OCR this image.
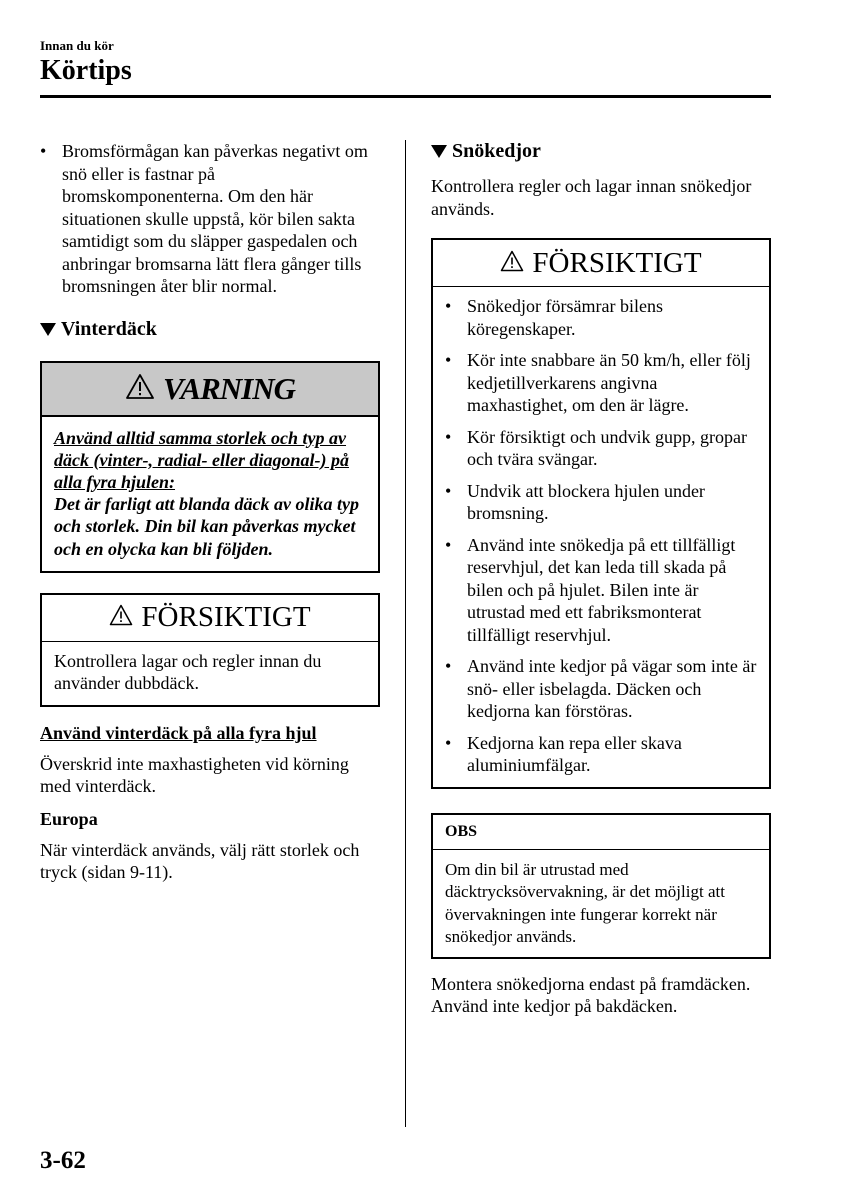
Innan du kör
Körtips
• Bromsförmågan kan påverkas negativt om snö eller is fastnar på bromskomponenterna. Om den här situationen skulle uppstå, kör bilen sakta samtidigt som du släpper gaspedalen och anbringar bromsarna lätt flera gånger tills bromsningen åter blir normal.
Vinterdäck
VARNING
Använd alltid samma storlek och typ av däck (vinter-, radial- eller diagonal-) på alla fyra hjulen:
Det är farligt att blanda däck av olika typ och storlek. Din bil kan påverkas mycket och en olycka kan bli följden.
FÖRSIKTIGT
Kontrollera lagar och regler innan du använder dubbdäck.
Använd vinterdäck på alla fyra hjul
Överskrid inte maxhastigheten vid körning med vinterdäck.
Europa
När vinterdäck används, välj rätt storlek och tryck (sidan 9-11).
Snökedjor
Kontrollera regler och lagar innan snökedjor används.
FÖRSIKTIGT
• Snökedjor försämrar bilens köregenskaper.
• Kör inte snabbare än 50 km/h, eller följ kedjetillverkarens angivna maxhastighet, om den är lägre.
• Kör försiktigt och undvik gupp, gropar och tvära svängar.
• Undvik att blockera hjulen under bromsning.
• Använd inte snökedja på ett tillfälligt reservhjul, det kan leda till skada på bilen och på hjulet. Bilen inte är utrustad med ett fabriksmonterat tillfälligt reservhjul.
• Använd inte kedjor på vägar som inte är snö- eller isbelagda. Däcken och kedjorna kan förstöras.
• Kedjorna kan repa eller skava aluminiumfälgar.
OBS
Om din bil är utrustad med däcktrycksövervakning, är det möjligt att övervakningen inte fungerar korrekt när snökedjor används.
Montera snökedjorna endast på framdäcken.
Använd inte kedjor på bakdäcken.
3-62
